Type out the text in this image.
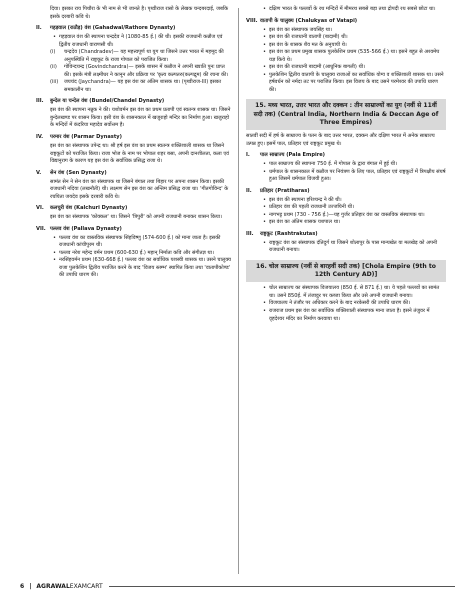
दिया। इसका राय पिथौरा के भी नाम से भी जानते है। पृथ्वीराज रासो के लेखक चन्दबरदाई, जबकि इसके दरबारी कवि थे।

II.	गहड़वाल (राठौड़) वंश (Gahadwal/Rathore Dynasty)
• गहड़वाल वंश की स्थापना चन्द्रदेव ने (1080-85 ई.) की थी। इसकी राजधानी कन्नौज एवं द्वितीय राजधानी वाराणसी थी।
(i)	चन्द्रदेव (Chandradev)— यह महत्त्वपूर्ण था युग था जिसने उत्तर भारत में महमूद की अनुपस्थिति में राष्ट्रकूट के राजा गोपाल को पराजित किया।
(ii)	गोविन्दचन्द्र (Govindchandra)— इसके शासन में कन्नौज ने अपनी ख्याति पुनः प्राप्त की। इसके मंत्री लक्ष्मीधर ने कानून और प्रक्रिया पर 'कृत्य कल्पतरु(कल्पद्रुम) की रचना की।
(iii)	जयचंद (Jaychandra)— यह इस वंश का अंतिम शासक था। (पृथ्वीराज-III) इसका समकालीन था।
III.	बुन्देल या चन्देल वंश (Bundel/Chandel Dynasty)

इस वंश की स्थापना नन्नुक ने की। यशोवर्मन इस वंश का प्रथम प्रतापी एवं स्वतन्त्र शासक था। जिसने बुन्देलखण्ड पर शासन किया। इसी वंश के शासनकाल में खजुराहो मन्दिर का निर्माण हुआ। खजुराहो के मन्दिरों में कंदरिया महादेव सर्वोत्तम है।

IV.	परमार वंश (Parmar Dynasty)

इस वंश का संस्थापक उपेन्द्र था। श्री हर्ष इस वंश का प्रथम स्वतन्त्र शक्तिशाली शासक था जिसने राष्ट्रकूटों को पराजित किया। राजा भोज के नाम पर भोपाल शहर बसा, अपनी दानशीलता, कला एवं विद्यानुराग के कारण यह इस वंश के सर्वाधिक प्रसिद्ध राजा थे।

V.	सेन वंश (Sen Dynasty)

सामंत सेन ने सेन वंश का संस्थापक था जिसने बंगाल तथा बिहार पर अपना शासन किया। इसकी राजधानी नदिया (लखनौती) थी। लक्ष्मण सेन इस वंश का अन्तिम प्रसिद्ध राजा था। 'गीतगोविन्द' के रचयिता जयदेव इसके दरबारी कवि थे।

VI.	कलचुरी वंश (Kalchuri Dynasty)

इस वंश का संस्थापक 'कोक्कल' था। जिसने 'त्रिपुरी' को अपनी राजधानी बनाकर शासन किया।

VII. पल्लव वंश (Pallava Dynasty)
• पल्लव वंश का वास्तविक संस्थापक सिंहविष्णु (574-600 ई.) को माना जाता है। इसकी राजधानी कांचीपुरम थी।
• पल्लव नरेश महेन्द्र वर्मन प्रथम (600-630 ई.) महान् निर्माता कवि और संगीतज्ञ था।
• नरसिंहवर्मन प्रथम (630-668 ई.) पल्लव वंश का सर्वाधिक यशस्वी शासक था। उसने चालुक्य राजा पुलकेशिन द्वितीय पराजित करने के बाद 'विजय स्तम्भ' स्थापित किया तथा 'वातापीकोण्ड' की उपाधि धारण की।
• दक्षिण भारत के पल्लवों के रथ मन्दिरों में मीमरथ सबसे बड़ा तथा द्रोपदी रथ सबसे छोटा था।
VIII. वातापी के चालुक्य (Chalukyas of Vatapi)
• इस वंश का संस्थापक जयसिंह था।
• इस वंश की राजधानी वातापी (बादामी) थी।
• इस वंश के शासक शैव मत के अनुयायी थे।
• इस वंश का प्रथम प्रमुख शासक पुलकेशिन प्रथम (535-566 ई.) था। इसने बहुत से अश्वमेघ यज्ञ किये थे।
• इस वंश की राजधानी बादामी (आधुनिक बागली) थी।
• पुलकेशिन द्वितीय वातापी के चालुक्य राजाओं का सर्वाधिक योग्य व शक्तिशाली शासक था। उसने हर्षवर्धन को नर्मदा तट पर पराजित किया। इस विजय के बाद उसने परमेश्वर की उपाधि धारण की।
15. मध्य भारत, उत्तर भारत और दक्कन : तीन साम्राज्यों का युग (नवीं से 11वीं सदी तक) (Central India, Northern India & Deccan Age of Three Empires)

सातवीं सदी में हर्ष के साम्राज्य के पतन के बाद उत्तर भारत, दक्कन और दक्षिण भारत में अनेक साम्राज्य उत्पन्न हुए। इसमें पाल, प्रतिहार एवं राष्ट्रकूट प्रमुख थे।

I.	पाल साम्राज्य (Pala Empire)
• पाल साम्राज्य की स्थापना 750 ई. में गोपाल के द्वारा बंगाल में हुई थी।
• धर्मपाल के शासनकाल में कन्नौज पर नियंत्रण के लिए पाल, प्रतिहार एवं राष्ट्रकूटों में त्रिपक्षीय संघर्ष हुआ जिसमें धर्मपाल विजयी हुआ।
II.	प्रतिहार (Pratiharas)
• इस वंश की स्थापना हरिश्चन्द्र ने की थी।
• प्रतिहार वंश की पहली राजधानी उज्जयिनी थी।
• नागभट्ट प्रथम (730 - 756 ई.)—यह गुर्जर प्रतिहार वंश का वास्तविक संस्थापक था।
• इस वंश का अंतिम शासक यशपाल था।
III.	राष्ट्रकूट (Rashtrakutas)
• राष्ट्रकूट वंश का संस्थापक दंतिदुर्ग था जिसने शोलापुर के पास मान्यखेत या मलखेड़ को अपनी राजधानी बनाया।
16. चोल साम्राज्य (नवीं से बारहवीं सदी तक) [Chola Empire (9th to 12th Century AD)]
• चोल साम्राज्य का संस्थापक विजयालय (850 ई. से 871 ई.) था। ये पहले पल्लवों का सामंत था। उसने 850ई. में तंजावुर पर कब्जा किया और उसे अपनी राजधानी बनाया।
• विजयालय ने तंजौर पर अधिकार करने के बाद नरकेसरी की उपाधि धारण की।
• राजराज प्रथम इस वंश का सर्वाधिक शक्तिशाली संस्थापक माना जाता है। इसने तंजुवर में वृहदेश्वर मंदिर का निर्माण करवाया था।
6 | AGRAWAL EXAMCART
